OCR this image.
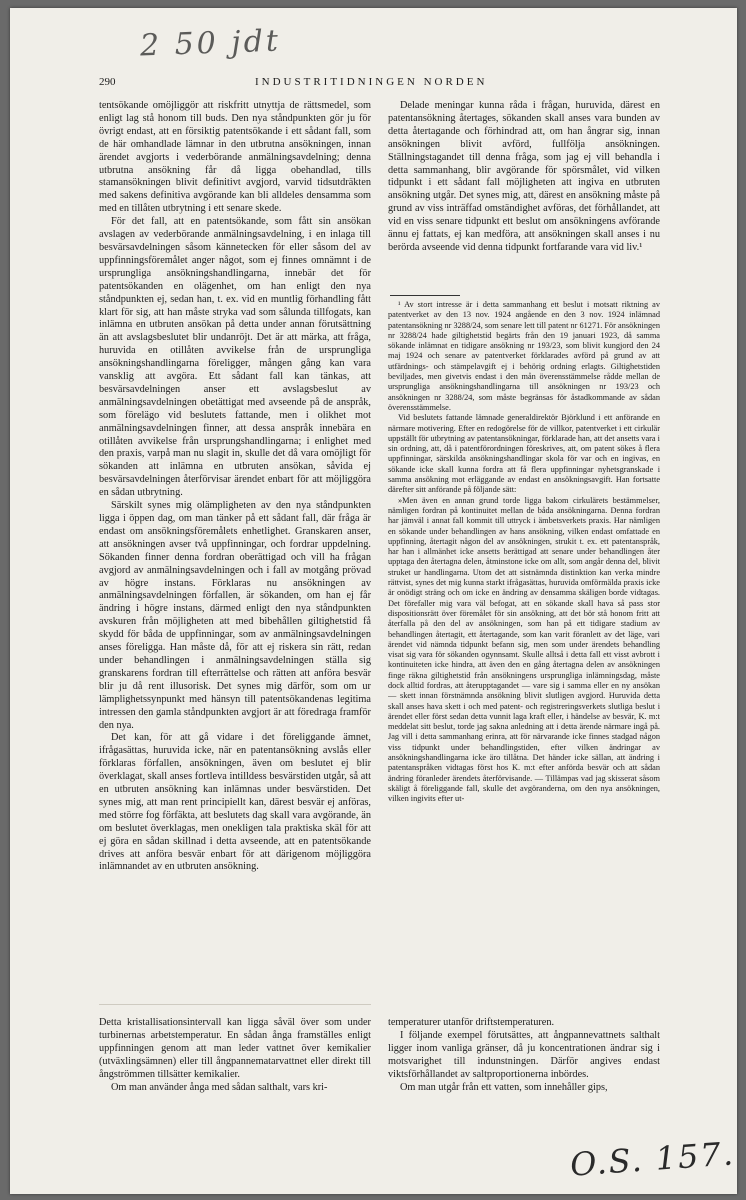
2 50 jdt
290	INDUSTRITIDNINGEN NORDEN

tentsökande omöjliggör att riskfritt utnyttja de rättsmedel, som enligt lag stå honom till buds. Den nya ståndpunkten gör ju för övrigt endast, att en försiktig patentsökande i ett sådant fall, som de här omhandlade lämnar in den utbrutna ansökningen, innan ärendet avgjorts i vederbörande anmälningsavdelning; denna utbrutna ansökning får då ligga obehandlad, tills stamansökningen blivit definitivt avgjord, varvid tidsutdräkten med sakens definitiva avgörande kan bli alldeles densamma som med en tillåten utbrytning i ett senare skede.

För det fall, att en patentsökande, som fått sin ansökan avslagen av vederbörande anmälningsavdelning, i en inlaga till besvärsavdelningen såsom kännetecken för eller såsom del av uppfinningsföremålet anger något, som ej finnes omnämnt i de ursprungliga ansökningshandlingarna, innebär det för patentsökanden en olägenhet, om han enligt den nya ståndpunkten ej, sedan han, t. ex. vid en muntlig förhandling fått klart för sig, att han måste stryka vad som sålunda tillfogats, kan inlämna en utbruten ansökan på detta under annan förutsättning än att avslagsbeslutet blir undanröjt. Det är att märka, att fråga, huruvida en otillåten avvikelse från de ursprungliga ansökningshandlingarna föreligger, mången gång kan vara vansklig att avgöra. Ett sådant fall kan tänkas, att besvärsavdelningen anser ett avslagsbeslut av anmälningsavdelningen obetättigat med avseende på de anspråk, som förelägo vid beslutets fattande, men i olikhet mot anmälningsavdelningen finner, att dessa anspråk innebära en otillåten avvikelse från ursprungshandlingarna; i enlighet med den praxis, varpå man nu slagit in, skulle det då vara omöjligt för sökanden att inlämna en utbruten ansökan, såvida ej besvärsavdelningen återförvisar ärendet enbart för att möjliggöra en sådan utbrytning.

Särskilt synes mig olämpligheten av den nya ståndpunkten ligga i öppen dag, om man tänker på ett sådant fall, där fråga är endast om ansökningsföremålets enhetlighet. Granskaren anser, att ansökningen avser två uppfinningar, och fordrar uppdelning. Sökanden finner denna fordran oberättigad och vill ha frågan avgjord av anmälningsavdelningen och i fall av motgång prövad av högre instans. Förklaras nu ansökningen av anmälningsavdelningen förfallen, är sökanden, om han ej får ändring i högre instans, därmed enligt den nya ståndpunkten avskuren från möjligheten att med bibehållen giltighetstid få skydd för båda de uppfinningar, som av anmälningsavdelningen anses föreligga. Han måste då, för att ej riskera sin rätt, redan under behandlingen i anmälningsavdelningen ställa sig granskarens fordran till efterrättelse och rätten att anföra besvär blir ju då rent illusorisk. Det synes mig därför, som om ur lämplighetssynpunkt med hänsyn till patentsökandenas legitima intressen den gamla ståndpunkten avgjort är att föredraga framför den nya.

Det kan, för att gå vidare i det föreliggande ämnet, ifrågasättas, huruvida icke, när en patentansökning avslås eller förklaras förfallen, ansökningen, även om beslutet ej blir överklagat, skall anses fortleva intilldess besvärstiden utgår, så att en utbruten ansökning kan inlämnas under besvärstiden. Det synes mig, att man rent principiellt kan, därest besvär ej anföras, med större fog förfäkta, att beslutets dag skall vara avgörande, än om beslutet överklagas, men onekligen tala praktiska skäl för att ej göra en sådan skillnad i detta avseende, att en patentsökande drives att anföra besvär enbart för att därigenom möjliggöra inlämnandet av en utbruten ansökning.

Delade meningar kunna råda i frågan, huruvida, därest en patentansökning återtages, sökanden skall anses vara bunden av detta återtagande och förhindrad att, om han ångrar sig, innan ansökningen blivit avförd, fullfölja ansökningen. Ställningstagandet till denna fråga, som jag ej vill behandla i detta sammanhang, blir avgörande för spörsmålet, vid vilken tidpunkt i ett sådant fall möjligheten att ingiva en utbruten ansökning utgår. Det synes mig, att, därest en ansökning måste på grund av viss inträffad omständighet avföras, det förhållandet, att vid en viss senare tidpunkt ett beslut om ansökningens avförande ännu ej fattats, ej kan medföra, att ansökningen skall anses i nu berörda avseende vid denna tidpunkt fortfarande vara vid liv.¹

¹ Av stort intresse är i detta sammanhang ett beslut i motsatt riktning av patentverket av den 13 nov. 1924 angående en den 3 nov. 1924 inlämnad patentansökning nr 3288/24, som senare lett till patent nr 61271. För ansökningen nr 3288/24 hade giltighetstid begärts från den 19 januari 1923, då samma sökande inlämnat en tidigare ansökning nr 193/23, som blivit kungjord den 24 maj 1924 och senare av patentverket förklarades avförd på grund av att utfärdnings- och stämpelavgift ej i behörig ordning erlagts. Giltighetstiden beviljades, men givetvis endast i den mån överensstämmelse rådde mellan de ursprungliga ansökningshandlingarna till ansökningen nr 193/23 och ansökningen nr 3288/24, som måste begränsas för åstadkommande av sådan överensstämmelse.

Vid beslutets fattande lämnade generaldirektör Björklund i ett anförande en närmare motivering. Efter en redogörelse för de villkor, patentverket i ett cirkulär uppställt för utbrytning av patentansökningar, förklarade han, att det ansetts vara i sin ordning, att, då i patentförordningen föreskrives, att, om patent sökes å flera uppfinningar, särskilda ansökningshandlingar skola för var och en ingivas, en sökande icke skall kunna fordra att få flera uppfinningar nyhetsgranskade i samma ansökning mot erläggande av endast en ansökningsavgift. Han fortsatte därefter sitt anförande på följande sätt:

»Men även en annan grund torde ligga bakom cirkulärets bestämmelser, nämligen fordran på kontinuitet mellan de båda ansökningarna. Denna fordran har jämväl i annat fall kommit till uttryck i ämbetsverkets praxis. Har nämligen en sökande under behandlingen av hans ansökning, vilken endast omfattade en uppfinning, återtagit någon del av ansökningen, strukit t. ex. ett patentanspråk, har han i allmänhet icke ansetts berättigad att senare under behandlingen åter upptaga den återtagna delen, åtminstone icke om allt, som angår denna del, blivit struket ur handlingarna. Utom det att sistnämnda distinktion kan verka mindre rättvist, synes det mig kunna starkt ifrågasättas, huruvida omförmälda praxis icke är onödigt sträng och om icke en ändring av densamma skäligen borde vidtagas. Det förefaller mig vara väl befogat, att en sökande skall hava så pass stor dispositionsrätt över föremålet för sin ansökning, att det bör stå honom fritt att återfalla på den del av ansökningen, som han på ett tidigare stadium av behandlingen återtagit, ett återtagande, som kan varit föranlett av det läge, vari ärendet vid nämnda tidpunkt befann sig, men som under ärendets behandling visat sig vara för sökanden ogynnsamt. Skulle alltså i detta fall ett visst avbrott i kontinuiteten icke hindra, att även den en gång återtagna delen av ansökningen finge räkna giltighetstid från ansökningens ursprungliga inlämningsdag, måste dock alltid fordras, att återupptagandet — vare sig i samma eller en ny ansökan — skett innan förstnämnda ansökning blivit slutligen avgjord. Huruvida detta skall anses hava skett i och med patent- och registreringsverkets slutliga beslut i ärendet eller först sedan detta vunnit laga kraft eller, i händelse av besvär, K. m:t meddelat sitt beslut, torde jag sakna anledning att i detta ärende närmare ingå på. Jag vill i detta sammanhang erinra, att för närvarande icke finnes stadgad någon viss tidpunkt under behandlingstiden, efter vilken ändringar av ansökningshandlingarna icke äro tillåtna. Det händer icke sällan, att ändring i patentanspråken vidtagas först hos K. m:t efter anförda besvär och att sådan ändring föranleder ärendets återförvisande. — Tillämpas vad jag skisserat såsom skäligt å föreliggande fall, skulle det avgöranderna, om den nya ansökningen, vilken ingivits efter ut-

Detta kristallisationsintervall kan ligga såväl över som under turbinernas arbetstemperatur. En sådan ånga framställes enligt uppfinningen genom att man leder vattnet över kemikalier (utväxlingsämnen) eller till ångpannematarvattnet eller direkt till ångströmmen tillsätter kemikalier.

Om man använder ånga med sådan salthalt, vars kri-

temperaturer utanför driftstemperaturen.

I följande exempel förutsättes, att ångpannevattnets salthalt ligger inom vanliga gränser, då ju koncentrationen ändrar sig i motsvarighet till indunstningen. Därför angives endast viktsförhållandet av saltproportionerna inbördes.

Om man utgår från ett vatten, som innehåller gips,

O.S. 157.
